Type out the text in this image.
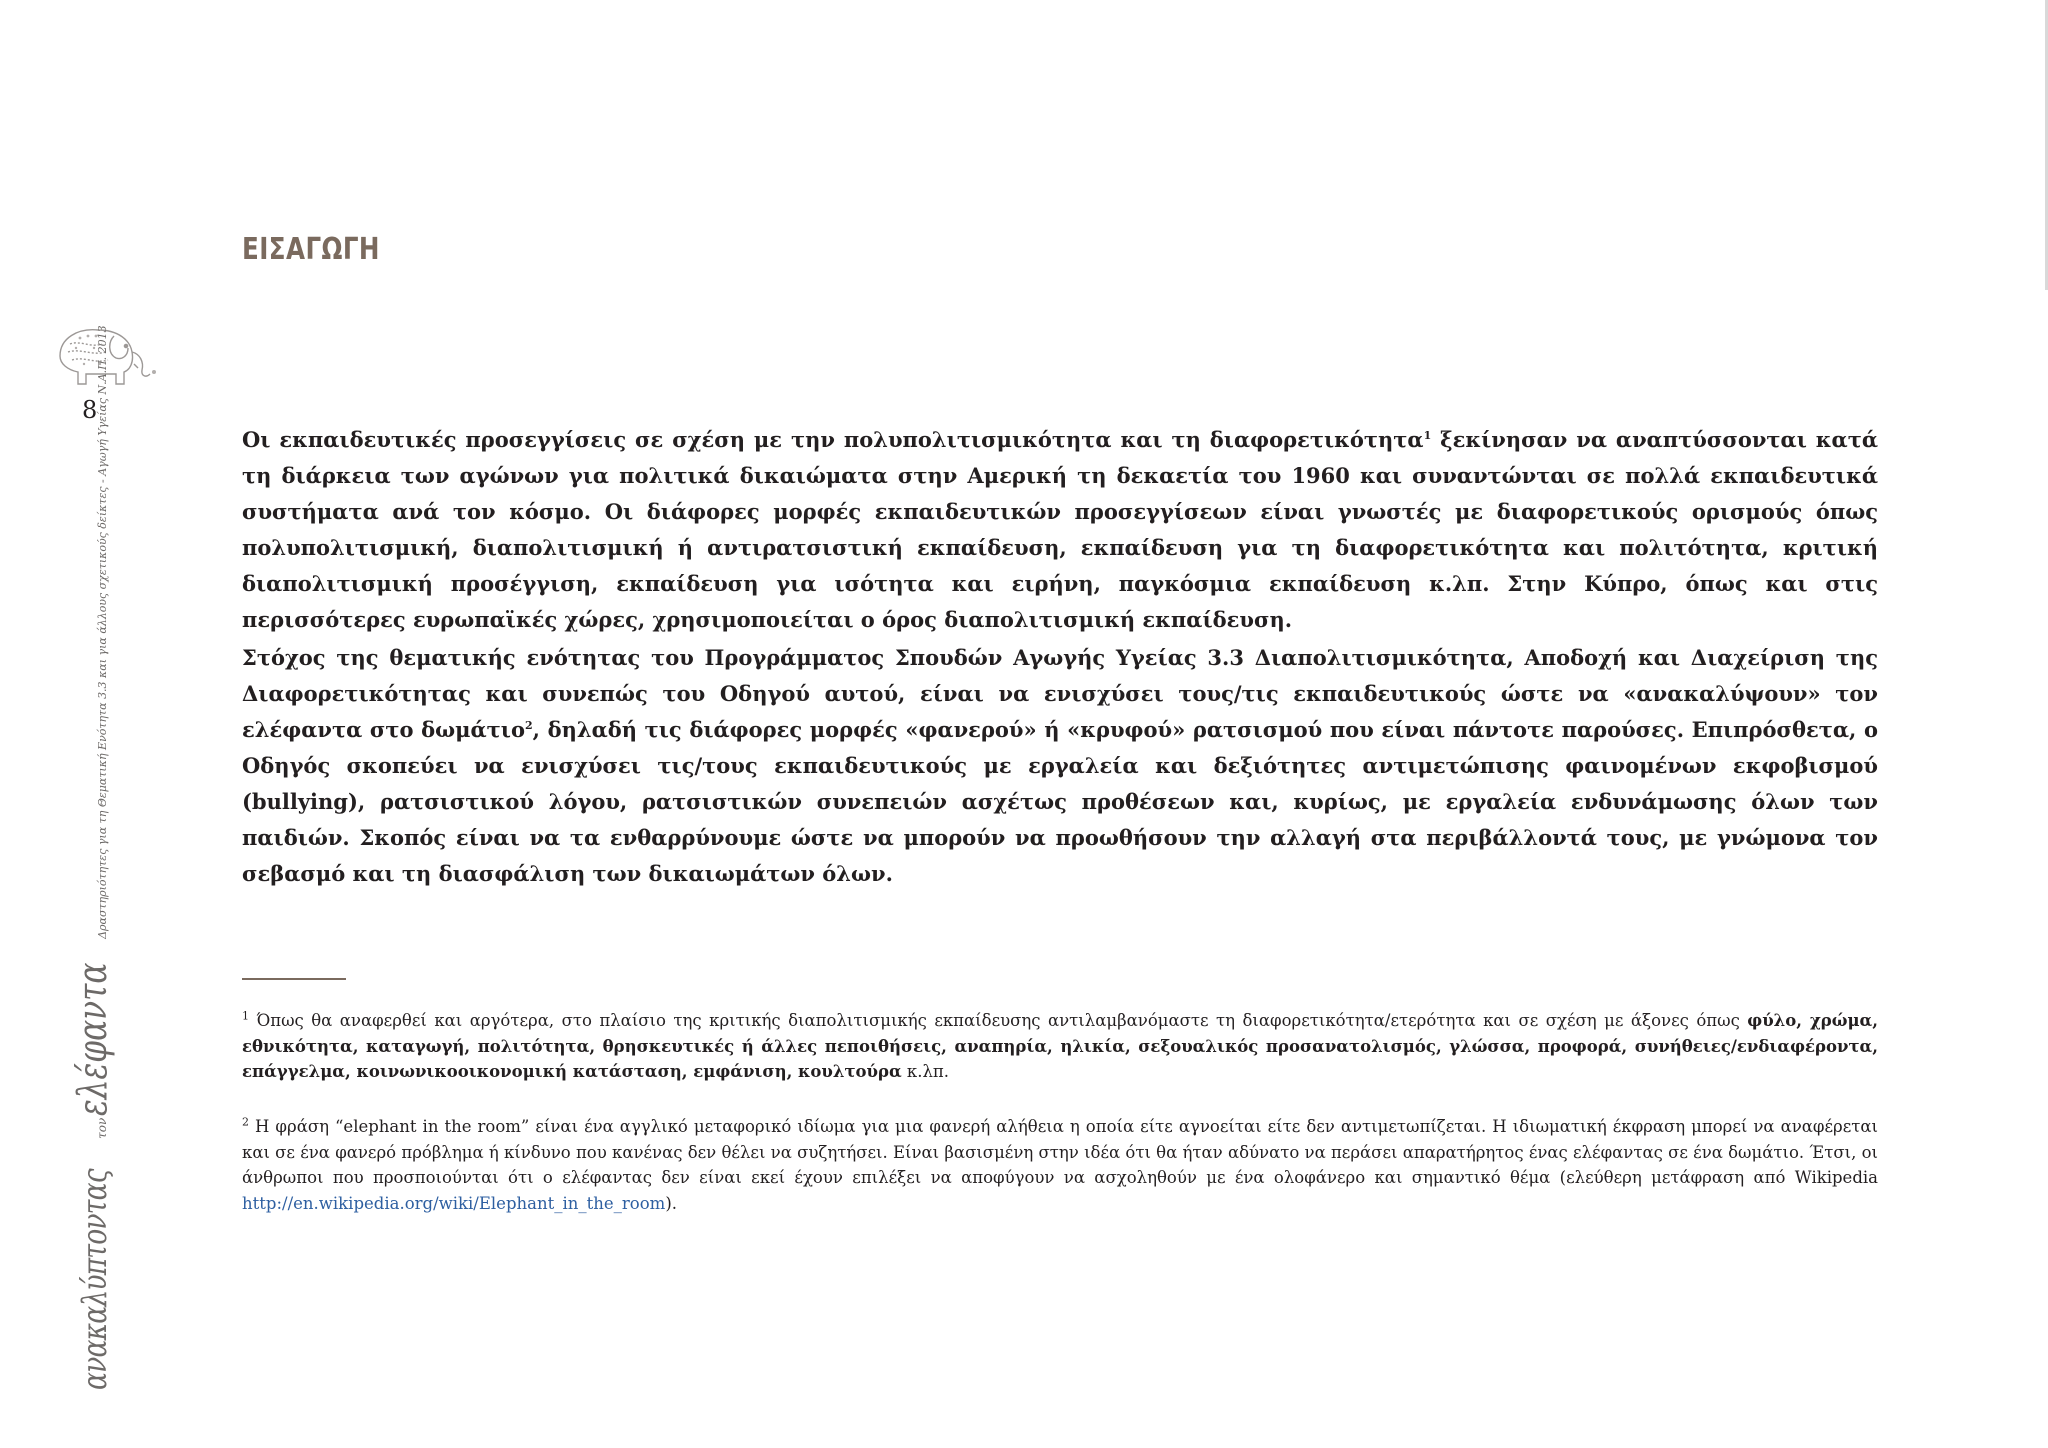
ΕΙΣΑΓΩΓΗ
8
ανακαλύπτοντας
τον
ελέφαντα
Δραστηριότητες για τη Θεματική Ενότητα 3.3 και για άλλους σχετικούς δείκτες - Αγωγή Υγείας Ν.Α.Π. 2013	Οι εκπαιδευτικές προσεγγίσεις σε σχέση με την πολυπολιτισμικότητα και τη διαφορετικότητα$^1$ ξεκίνησαν να αναπτύσσονται κατά τη διάρκεια των αγώνων για πολιτικά δικαιώματα στην Αμερική τη δεκαετία του 1960 και συναντώνται σε πολλά εκπαιδευτικά συστήματα ανά τον κόσμο. Οι διάφορες μορφές εκπαιδευτικών προσεγγίσεων είναι γνωστές με διαφορετικούς ορισμούς όπως πολυπολιτισμική, διαπολιτισμική ή αντιρατσιστική εκπαίδευση, εκπαίδευση για τη διαφορετικότητα και πολιτότητα, κριτική διαπολιτισμική προσέγγιση, εκπαίδευση για ισότητα και ειρήνη, παγκόσμια εκπαίδευση κ.λπ. Στην Κύπρο, όπως και στις περισσότερες ευρωπαϊκές χώρες, χρησιμοποιείται ο όρος διαπολιτισμική εκπαίδευση.

Στόχος της θεματικής ενότητας του Προγράμματος Σπουδών Αγωγής Υγείας 3.3 Διαπολιτισμικότητα, Αποδοχή και Διαχείριση της Διαφορετικότητας και συνεπώς του Οδηγού αυτού, είναι να ενισχύσει τους/τις εκπαιδευτικούς ώστε να «ανακαλύψουν» τον ελέφαντα στο δωμάτιο$^2$, δηλαδή τις διάφορες μορφές «φανερού» ή «κρυφού» ρατσισμού που είναι πάντοτε παρούσες. Επιπρόσθετα, ο Οδηγός σκοπεύει να ενισχύσει τις/τους εκπαιδευτικούς με εργαλεία και δεξιότητες αντιμετώπισης φαινομένων εκφοβισμού (bullying), ρατσιστικού λόγου, ρατσιστικών συνεπειών ασχέτως προθέσεων και, κυρίως, με εργαλεία ενδυνάμωσης όλων των παιδιών. Σκοπός είναι να τα ενθαρρύνουμε ώστε να μπορούν να προωθήσουν την αλλαγή στα περιβάλλοντά τους, με γνώμονα τον σεβασμό και τη διασφάλιση των δικαιωμάτων όλων.

$^1$ Όπως θα αναφερθεί και αργότερα, στο πλαίσιο της κριτικής διαπολιτισμικής εκπαίδευσης αντιλαμβανόμαστε τη διαφορετικότητα/ετερότητα και σε σχέση με άξονες όπως φύλο, χρώμα, εθνικότητα, καταγωγή, πολιτότητα, θρησκευτικές ή άλλες πεποιθήσεις, αναπηρία, ηλικία, σεξουαλικός προσανατολισμός, γλώσσα, προφορά, συνήθειες/ενδιαφέροντα, επάγγελμα, κοινωνικοοικονομική κατάσταση, εμφάνιση, κουλτούρα κ.λπ.

$^2$ Η φράση “elephant in the room” είναι ένα αγγλικό μεταφορικό ιδίωμα για μια φανερή αλήθεια η οποία είτε αγνοείται είτε δεν αντιμετωπίζεται. Η ιδιωματική έκφραση μπορεί να αναφέρεται και σε ένα φανερό πρόβλημα ή κίνδυνο που κανένας δεν θέλει να συζητήσει. Είναι βασισμένη στην ιδέα ότι θα ήταν αδύνατο να περάσει απαρατήρητος ένας ελέφαντας σε ένα δωμάτιο. Έτσι, οι άνθρωποι που προσποιούνται ότι ο ελέφαντας δεν είναι εκεί έχουν επιλέξει να αποφύγουν να ασχοληθούν με ένα ολοφάνερο και σημαντικό θέμα (ελεύθερη μετάφραση από Wikipedia http://en.wikipedia.org/wiki/Elephant_in_the_room).
